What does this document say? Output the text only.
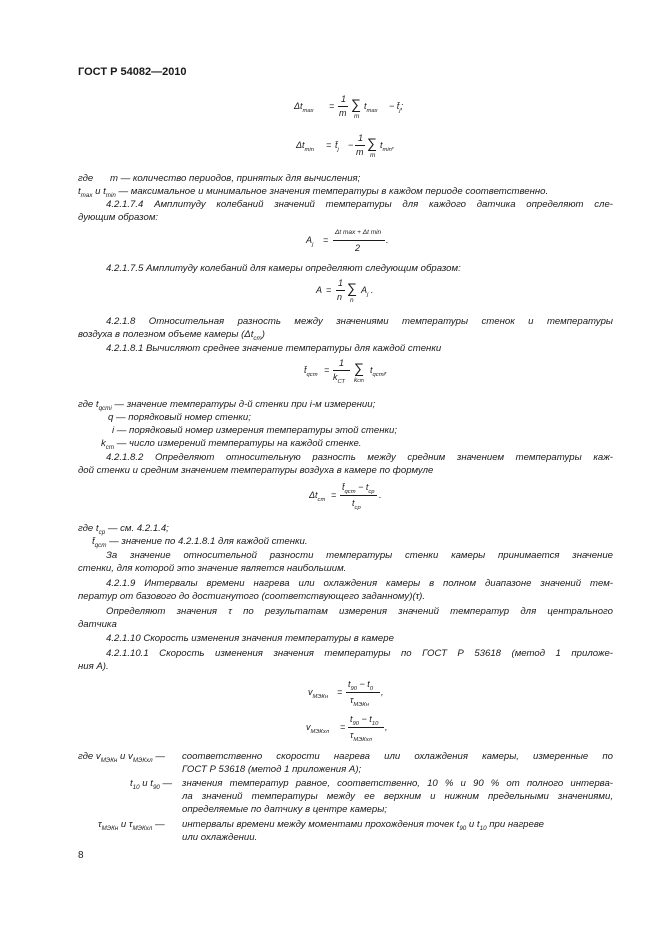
ГОСТ Р 54082—2010
$\Delta t_{max}$ =
1
m
∑
m
$t_{max}$ − $t̄_j$;
$\Delta t_{min}$ = $t̄_j$ −
1
m
∑
m
$t_{min}$,
где m — количество периодов, принятых для вычисления;
$t_{max}$ и $t_{min}$ — максимальное и минимальное значения температуры в каждом периоде соответственно.
4.2.1.7.4 Амплитуду колебаний значений температуры для каждого датчика определяют сле-
дующим образом:
$A_j$ =
Δt max + Δt min
2
.
4.2.1.7.5 Амплитуду колебаний для камеры определяют следующим образом:
A =
1
n
∑
n
$A_j$ .
4.2.1.8 Относительная разность между значениями температуры стенок и температуры
воздуха в полезном объеме камеры $(\Delta t_{ст})$
4.2.1.8.1 Вычисляют среднее значение температуры для каждой стенки
$t̄_{qст}$ =
1
$k_{СТ}$
∑
kст
$t_{qстi}$,
где $t_{qстi}$ — значение температуры д-й стенки при i-м измерении;
q — порядковый номер стенки;
i — порядковый номер измерения температуры этой стенки;
$k_{ст}$ — число измерений температуры на каждой стенке.
4.2.1.8.2 Определяют относительную разность между средним значением температуры каж-
дой стенки и средним значением температуры воздуха в камере по формуле
$\Delta t_{ст}$ =
$t̄_{qст} - t_{ср}$
$t_{ср}$
.
где $t_{ср}$ — см. 4.2.1.4;
$t̄_{qст}$ — значение по 4.2.1.8.1 для каждой стенки.
За значение относительной разности температуры стенки камеры принимается значение
стенки, для которой это значение является наибольшим.
4.2.1.9 Интервалы времени нагрева или охлаждения камеры в полном диапазоне значений тем-
ператур от базового до достигнутого (соответствующего заданному)(τ).
Определяют значения τ по результатам измерения значений температур для центрального
датчика
4.2.1.10 Скорость изменения значения температуры в камере
4.2.1.10.1 Скорость изменения значения температуры по ГОСТ Р 53618 (метод 1 приложе-
ния А).
$v_{МЭКн}$ =
$t_{90} - t_0$
$\tau_{МЭКн}$
,
$v_{МЭКхл}$ =
$t_{90} - t_{10}$
$\tau_{МЭКхл}$
,
где $v_{МЭКн}$ и $v_{МЭКхл}$ — соответственно скорости нагрева или охлаждения камеры, измеренные по
ГОСТ Р 53618 (метод 1 приложения А);
$t_{10}$ и $t_{90}$ — значения температур равное, соответственно, 10 % и 90 % от полного интерва-
ла значений температуры между ее верхним и нижним предельными значениями,
определяемые по датчику в центре камеры;
$\tau_{МЭКн}$ и $\tau_{МЭКхл}$ — интервалы времени между моментами прохождения точек $t_{90}$ и $t_{10}$ при нагреве
или охлаждении.
8
